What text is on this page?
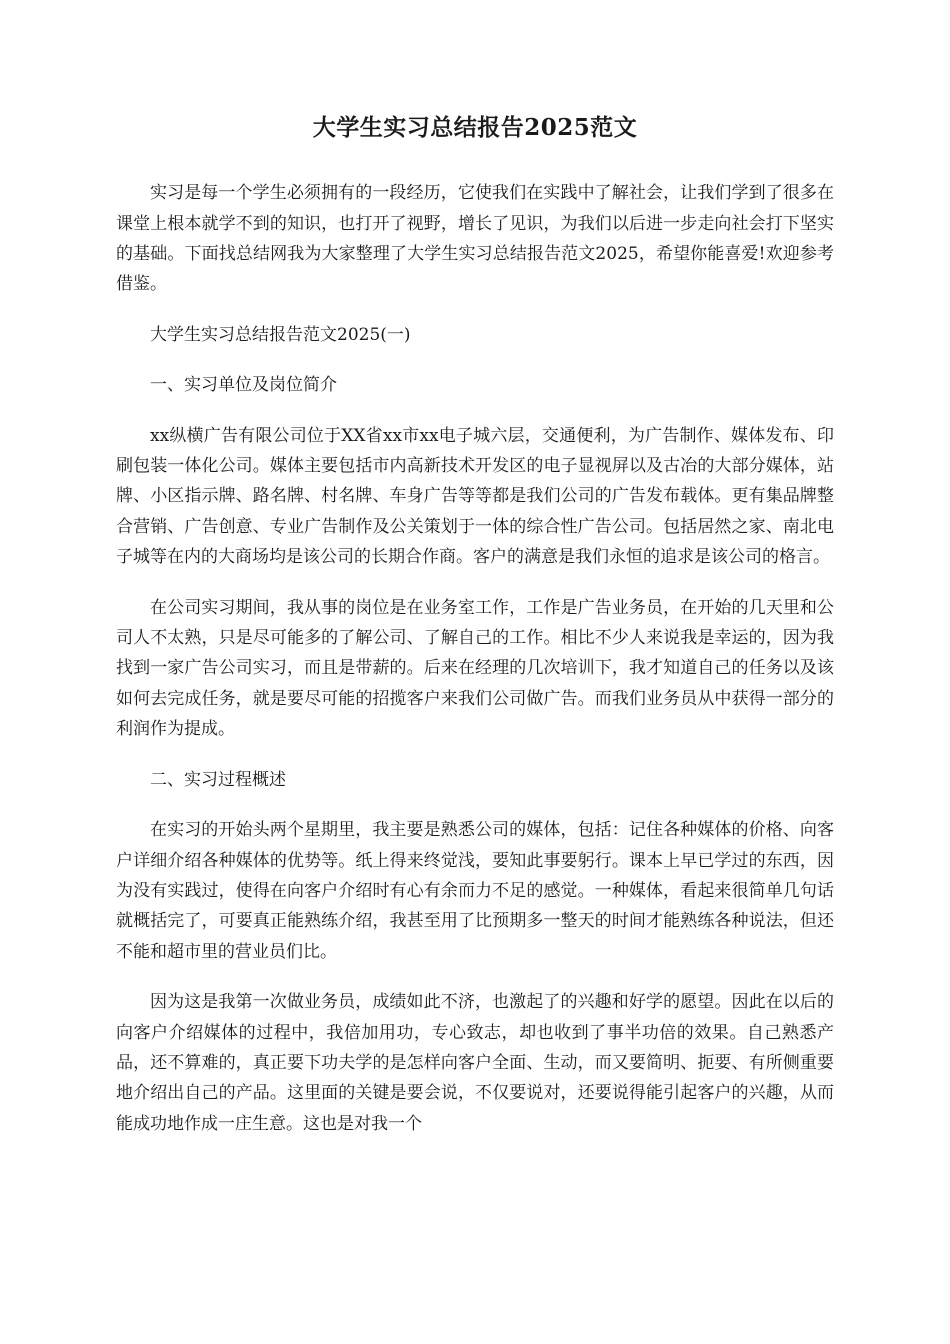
大学生实习总结报告2025范文

实习是每一个学生必须拥有的一段经历，它使我们在实践中了解社会，让我们学到了很多在课堂上根本就学不到的知识，也打开了视野，增长了见识，为我们以后进一步走向社会打下坚实的基础。下面找总结网我为大家整理了大学生实习总结报告范文2025，希望你能喜爱!欢迎参考借鉴。

大学生实习总结报告范文2025(一)

一、实习单位及岗位简介

xx纵横广告有限公司位于XX省xx市xx电子城六层，交通便利，为广告制作、媒体发布、印刷包装一体化公司。媒体主要包括市内高新技术开发区的电子显视屏以及古冶的大部分媒体，站牌、小区指示牌、路名牌、村名牌、车身广告等等都是我们公司的广告发布载体。更有集品牌整合营销、广告创意、专业广告制作及公关策划于一体的综合性广告公司。包括居然之家、南北电子城等在内的大商场均是该公司的长期合作商。客户的满意是我们永恒的追求是该公司的格言。

在公司实习期间，我从事的岗位是在业务室工作，工作是广告业务员，在开始的几天里和公司人不太熟，只是尽可能多的了解公司、了解自己的工作。相比不少人来说我是幸运的，因为我找到一家广告公司实习，而且是带薪的。后来在经理的几次培训下，我才知道自己的任务以及该如何去完成任务，就是要尽可能的招揽客户来我们公司做广告。而我们业务员从中获得一部分的利润作为提成。

二、实习过程概述

在实习的开始头两个星期里，我主要是熟悉公司的媒体，包括：记住各种媒体的价格、向客户详细介绍各种媒体的优势等。纸上得来终觉浅，要知此事要躬行。课本上早已学过的东西，因为没有实践过，使得在向客户介绍时有心有余而力不足的感觉。一种媒体，看起来很简单几句话就概括完了，可要真正能熟练介绍，我甚至用了比预期多一整天的时间才能熟练各种说法，但还不能和超市里的营业员们比。

因为这是我第一次做业务员，成绩如此不济，也激起了的兴趣和好学的愿望。因此在以后的向客户介绍媒体的过程中，我倍加用功，专心致志，却也收到了事半功倍的效果。自己熟悉产品，还不算难的，真正要下功夫学的是怎样向客户全面、生动，而又要简明、扼要、有所侧重要地介绍出自己的产品。这里面的关键是要会说，不仅要说对，还要说得能引起客户的兴趣，从而能成功地作成一庄生意。这也是对我一个
